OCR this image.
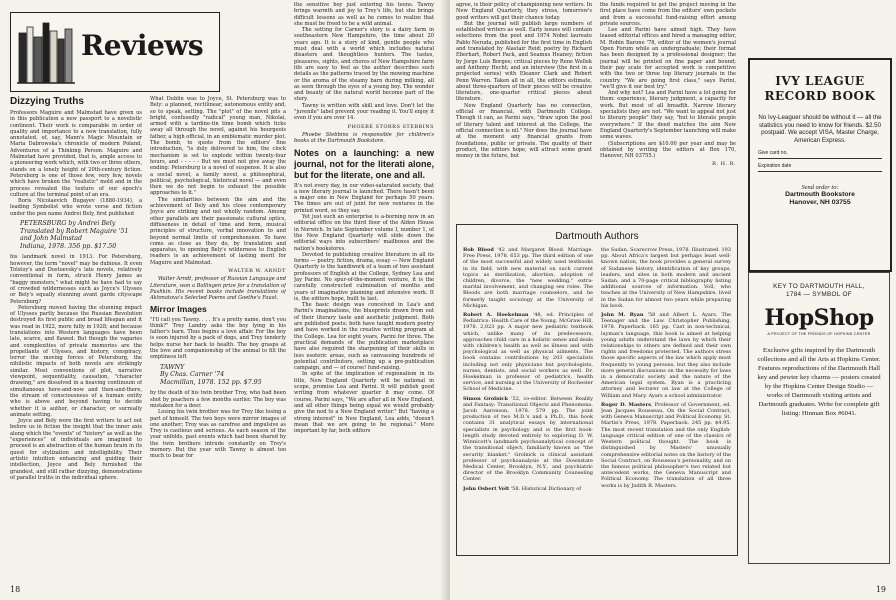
Reviews
Dizzying Truths

Professors Maguire and Malmstad have given us in this publication a new passport to a novelistic continent. Their work is comparable in order of quality and importance to a new translation, fully annotated, of, say, Mann's Magic Mountain or Maria Dabrowska's chronicle of modern Poland, Adventures of a Thinking Person. Maguire and Malmstad have provided, that is, ample access to a pioneering work which, with two or three others, stands on a lonely height of 20th-century fiction. Petersburg is one of those few, very few, novels which have broken the "realistic" mold and in the process revealed the texture of our epoch's culture at the terminal point of an era.

Boris Nicolaevich Bugayev (1880-1934), a leading Symbolist who wrote verse and fiction under the pen name Andrei Bely, first published

PETERSBURG by Andrei Bely
Translated by Robert Maguire '51
and John Malmstad
Indiana, 1978. 356 pp. $17.50

his landmark novel in 1913. For Petersburg, however, the term "novel" may be dubious. It even Tolstoy's and Dostoevsky's late novels, relatively conventional in form, struck Henry James as "baggy monsters," what might he have had to say of crowded wildernesses such as Joyce's Ulysses or Bely's equally stunning avant garde cityscape Petersburg?

Petersburg moved having the stunning impact of Ulysses partly because the Russian Revolution destroyed its first public and broad lifespan and it was read in 1922, more fully in 1928; and because translations into Western languages have been late, scarce, and flawed. But though the vagaries and complexities of private memories are the propellants of Ulysses, and history, conspiracy, terror the moving forces of Petersburg, the nihilistic impacts of both novels are strikingly similar. Most conventions of plot, narrative viewpoint, sequentiality, causation, "character drawing," are dissolved in a heaving continuum of simultaneous here-and-now and then-and-there, the stream of consciousness of a human entity who is above and beyond having to decide whether it is author, or character, or surreally animate setting.

Joyce and Bely were the first writers to act out before us in fiction the insight that the inner axis along which the "events" of "history" as well as the "experiences" of individuals are imagined to proceed is an abstraction of the human brain in its quest for stylization and intelligibility. Their artistic intuition enhancing and guiding their intellection, Joyce and Bely furnished the grandest, and still rather dizzying, demonstrations of parallel truths in the individual sphere.

What Dublin was to Joyce, St. Petersburg was to Bely: a planned, rectilinear, autonomous entity and, so to speak, setting. The "plot" of the novel pits a bright, confusedly "radical" young man, Nikolai, armed with a tardine-tin time bomb which ticks away all through the novel, against his bourgeois father, a high official, in an emblematic murder plot. The bomb, to quote from the editors' fine introduction, "is duly delivered to him, the clock mechanism is set to explode within twenty-four hours, and - - - - - But we must not give away the ending: Petersburg is a novel of suspense. It is also a social novel, a family novel, a philosophical, political, psychological, historical novel — and even then we do not begin to exhaust the possible approaches to it."

The similarities between the aim and the achievement of Bely and his close contemporary Joyce are striking and not wholly random. Among other parallels are their passionate cultural optics, diffuseness in detail of time and form, musical principles of structure, verbal innovation to and beyond normal limits of comprehension. To have come as close as they do, by translation and apparatus, to opening Bely's wilderness to English readers is an achievement of lasting merit for Maguire and Malmstad.

WALTER W. ARNDT

Walter Arndt, professor of Russian Language and Literature, won a Bollingen prize for a translation of Pushkin. His recent books include translations of Akhmatova's Selected Poems and Goethe's Faust.

Mirror Images

"I'll call you Tawny. . . . It's a pretty name, don't you think?" Trey Landry asks the boy lying in his father's barn. Thus begins a love affair. For the boy is soon injured by a pack of dogs, and Trey tenderly helps nurse her back to health. The boy grasps at the love and companionship of the animal to fill the emptiness left

TAWNY
By Chas. Carner '74
Macmillan, 1978. 152 pp. $7.95

by the death of his twin brother Troy, who had been shot by poachers a few months earlier. The boy was mistaken for a deer.

Losing his twin brother was for Trey like losing a part of himself. The two boys were mirror images of one another; Troy was as carefree and impulsive as Trey is cautious and serious. As each season of the year unfolds, past events which had been shared by the twin brothers intrude constantly on Trey's memory. But the year with Tawny is almost too much to bear for

the sensitive boy just entering his teens. Tawny brings warmth and joy to Trey's life, but she brings difficult lessons as well as he comes to realize that she must be freed to be a wild animal.

The setting for Carner's story is a dairy farm in southeastern New Hampshire, the time about 20 years ago. It is a story of kind, gentle people who must deal with a world which includes natural disasters and thoughtless hunters. The tastes, pleasures, sights, and chores of New Hampshire farm life are easy to feel as the author describes such details as the patterns traced by the mowing machine or the aroma of the steamy barn during milking, all as seen through the eyes of a young boy. The wonder and beauty of the natural world become part of the story.

Tawny is written with skill and love. Don't let the "juvenile" label prevent your reading it. You'll enjoy it even if you are over 14.

PHOEBE STORRS STEBBINS

Phoebe Stebbins is responsible for children's books at the Dartmouth Bookstore.

Notes on a launching: a new journal, not for the literati alone, but for the literate, one and all.

It's not every day, in our video-saturated society, that a new literary journal is launched. There hasn't been a major one in New England for perhaps 50 years. The times are out of joint for new ventures in the printed word, so they say.

Yet just such an enterprise is a-borning now in an editorial office on the third floor of the Alden House in Norwich. In late September volume I, number 1, of the New England Quarterly will slide down the editorial ways into subscribers' mailboxes and the nation's bookstores.

Devoted to publishing creative literature in all its forms — poetry, fiction, drama, essay — New England Quarterly is the handiwork of a team of two assistant professors of English at the College, Sydney Lea and Jay Parini. No spur-of-the-moment venture, it is the carefully constructed culmination of months and years of imaginative planning and intensive work. It is, the editors hope, built to last.

The basic design was conceived in Lea's and Parini's imaginations, the blueprints drawn from out of their literary taste and aesthetic judgment. Both are published poets; both have taught modern poetry and have worked in the creative writing program at the College. Lea for eight years, Parini for three. The practical demands of the publication marketplace have also required the sharpening of their skills in less esoteric areas, such as canvassing hundreds of potential contributors, setting up a pre-publication campaign, and — of course! fund-raising.

In spite of the implication of regionalism in its title, New England Quarterly will be national in scope, promise Lea and Parini. It will publish good writing from whatever quarter it may come. Of course, Parini says, "We are after all in New England, and all other things being equal we would probably give the nod to a New England writer." But "having a strong interest" in New England, Lea adds, "doesn't mean that we are going to be regional." More important by far, both editors

18

agree, is their policy of championing new writers. In New England Quarterly, they stress, tomorrow's good writers will get their chance today.

But the journal will publish large numbers of established writers as well. Early issues will contain selections from the poet and 1974 Nobel laureate Pablo Neruda, published for the first time in English and translated by Alastair Reid; poetry by Richard Eberhart, Robert Pack, and Seamus Heaney; fiction by Jorge Luis Borges; critical pieces by Rene Wellek and Anthony Hecht; and an interview (the first in a projected series) with Eleanor Clark and Robert Penn Warren. Taken all in all, the editors estimate, about three-quarters of their pieces will be creative literature, one-quarter critical pieces about literature.

New England Quarterly has no connection, official or financial, with Dartmouth College. Though it can, as Parini says, "draw upon the pool of literary talent and interest at the College, the official connection is nil." Nor does the journal have at the moment any financial grants from foundations, public or private. The quality of their product, the editors hope, will attract some grant money in the future, but

the funds required to get the project moving in the first place have come from the editors' own pockets and from a successful fund-raising effort among private sources.

Lee and Parini have aimed high. They have leased editorial offices and hired a managing editor, M. Robin Barone '78, editor of the women's journal Open Forum while an undergraduate; their format has been designed by a professional designer; the journal will be printed on fine paper and bound; their pay scale for accepted work is competitive with the two or three top literary journals in the country. "We are going first class," says Parini, "we'll give it our best try."

And why not? Lea and Parini have a lot going for them: experience, literary judgment, a capacity for work. But most of all breadth. Narrow literary specialists they are not. "We want to appeal not just to literary people" they say, "but to literate people everywhere." If the deed matches the aim New England Quarterly's September launching will make some waves.

(Subscriptions are $10.00 per year and may be obtained by writing the editors at Box 170, Hanover, NH 03755.)

R. H. R.
Dartmouth Authors

Bob Blood '42 and Margaret Blood. Marriage. Free Press, 1978. 653 pp. The third edition of one of the most successful and widely used textbooks in its field, with new material on such current topics as sterilization, abortion, adoption of children, divorce, the "new wedding," extra-marital involvement, and changing sex roles. The Bloods are both marriage counselors, and he formerly taught sociology at the University of Michigan.

Robert A. Hoekelman '48, ed. Principles of Pediatrics: Health Care of the Young. McGraw-Hill, 1978. 2,023 pp. A major new pediatric textbook which, unlike many of its predecessors, approaches child care in a holistic sense and deals with children's health as well as illness and with psychological as well as physical ailments. The book contains contributions by 203 specialists including not only physicians but psychologists, nurses, dentists, and social workers as well. Dr. Hoekelman is professor of pediatrics, health service, and nursing at the University of Rochester School of Medicine.

Simon Grolnick '52, co-editor. Between Reality and Fantasy: Transitional Objects and Phenomena. Jacob Aaronson, 1978. 579 pp. The joint production of two M.D.'s and a Ph.D., this book contains 31 analytical essays by international specialists in psychology and is the first book-length study devoted entirely to exploring D. W. Winnicott's landmark psychoanalytical concept of the transitional object, familiarly known as "the security blanket." Grolnick is clinical assistant professor of psychoanalysis at the Downstate Medical Center, Brooklyn, N.Y., and psychiatric director of the Brooklyn Community Counseling Center.

John Osbert Volt '58. Historical Dictionary of

the Sudan. Scarecrow Press, 1978. Illustrated. 193 pp. About Africa's largest but perhaps least well-known nation, the book provides a general survey of Sudanese history, identification of key groups, leaders, and sites in both modern and ancient Sudan, and a 70-page critical bibliography listing additional sources of information. Voll, who teaches at the University of New Hampshire, lived in the Sudan for almost two years while preparing his book.

John M. Ryan '58 and Albert L. Ayars. The Teenager and the Law. Christopher Publishing, 1978. Paperback. 165 pp. Cast in non-technical, layman's language, this book is aimed at helping young adults understand the laws by which their relationships to others are defined and their own rights and freedoms protected. The authors stress those specific aspects of the law which apply most frequently to young persons, but they also include more general discussions on the necessity for laws in a democratic society and the nature of the American legal system. Ryan is a practicing attorney and lecturer on law at the College of William and Mary. Ayars a school administrator.

Roger D. Masters, Professor of Government, ed. Jean Jacques Rousseau, On the Social Contract, with Geneva Manuscript and Political Economy. St. Martin's Press, 1978. Paperback. 245 pp. $4.95. The most recent translation and the only English-language critical edition of one of the classics of Western political thought. The book is distinguished by Masters' unusually comprehensive editorial notes on the history of the Social Contract, on Rousseau's personality, and on the famous political philosopher's two related but antecedent works, the Geneva Manuscript and Political Economy. The translation of all three works is by Judith R. Masters.

IVY LEAGUE RECORD BOOK
No Ivy-Leaguer should be without it — all the statistics you need to know for friends. $2.50 postpaid. We accept VISA, Master Charge, American Express.
Give card no.
Expiration date
Send order to:
Dartmouth Bookstore
Hanover, NH 03755
KEY TO DARTMOUTH HALL,
1784 — SYMBOL OF
HopShop
A PROJECT OF THE FRIENDS OF HOPKINS CENTER
Exclusive gifts inspired by the Dartmouth collections and all the Arts at Hopkins Center. Features reproductions of the Dartmouth Hall key and pewter key charms — posters created by the Hopkins Center Design Studio — works of Dartmouth visiting artists and Dartmouth graduates. Write for complete gift listing: Hinman Box #6041.
19
